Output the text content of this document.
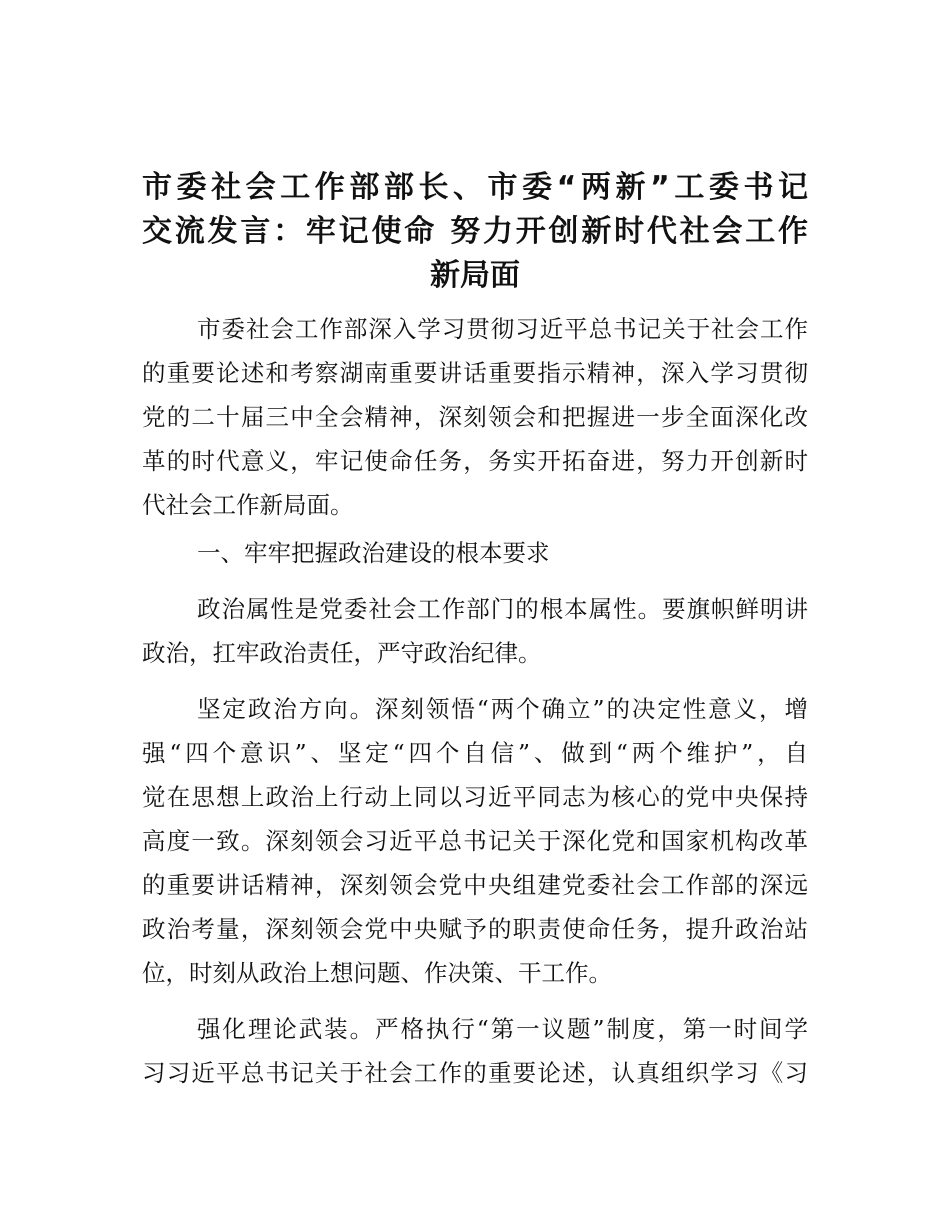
市委社会工作部部长、市委“两新”工委书记
交流发言：牢记使命 努力开创新时代社会工作
新局面
市委社会工作部深入学习贯彻习近平总书记关于社会工作
的重要论述和考察湖南重要讲话重要指示精神，深入学习贯彻
党的二十届三中全会精神，深刻领会和把握进一步全面深化改
革的时代意义，牢记使命任务，务实开拓奋进，努力开创新时
代社会工作新局面。
一、牢牢把握政治建设的根本要求
政治属性是党委社会工作部门的根本属性。要旗帜鲜明讲
政治，扛牢政治责任，严守政治纪律。
坚定政治方向。深刻领悟“两个确立”的决定性意义，增
强“四个意识”、坚定“四个自信”、做到“两个维护”，自
觉在思想上政治上行动上同以习近平同志为核心的党中央保持
高度一致。深刻领会习近平总书记关于深化党和国家机构改革
的重要讲话精神，深刻领会党中央组建党委社会工作部的深远
政治考量，深刻领会党中央赋予的职责使命任务，提升政治站
位，时刻从政治上想问题、作决策、干工作。
强化理论武装。严格执行“第一议题”制度，第一时间学
习习近平总书记关于社会工作的重要论述，认真组织学习《习
